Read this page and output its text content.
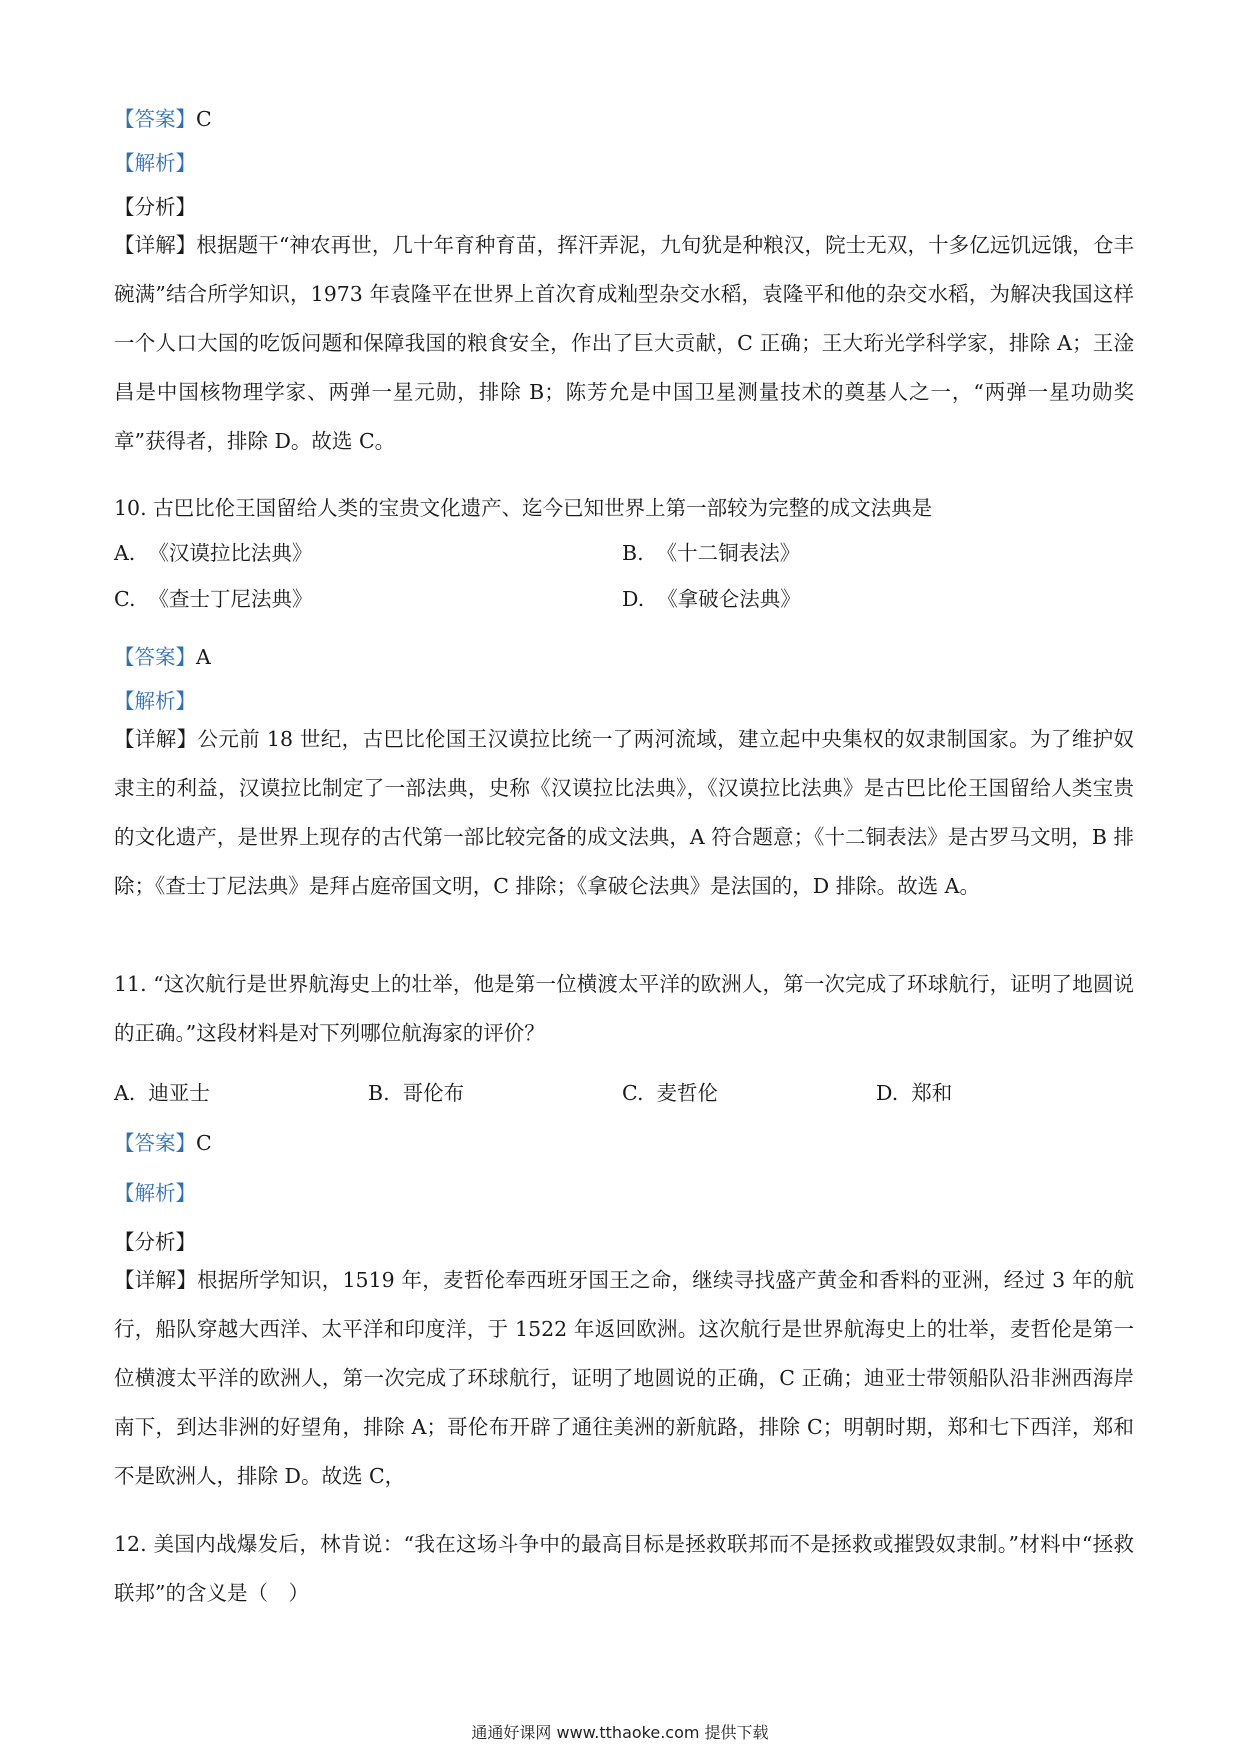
【答案】C
【解析】
【分析】
【详解】根据题干“神农再世，几十年育种育苗，挥汗弄泥，九旬犹是种粮汉，院士无双，十多亿远饥远饿，仓丰碗满”结合所学知识，1973 年袁隆平在世界上首次育成籼型杂交水稻，袁隆平和他的杂交水稻，为解决我国这样一个人口大国的吃饭问题和保障我国的粮食安全，作出了巨大贡献，C 正确；王大珩光学科学家，排除 A；王淦昌是中国核物理学家、两弹一星元勋，排除 B；陈芳允是中国卫星测量技术的奠基人之一，“两弹一星功勋奖章”获得者，排除 D。故选 C。
10. 古巴比伦王国留给人类的宝贵文化遗产、迄今已知世界上第一部较为完整的成文法典是
A. 《汉谟拉比法典》	B. 《十二铜表法》
C. 《查士丁尼法典》	D. 《拿破仑法典》
【答案】A
【解析】
【详解】公元前 18 世纪，古巴比伦国王汉谟拉比统一了两河流域，建立起中央集权的奴隶制国家。为了维护奴隶主的利益，汉谟拉比制定了一部法典，史称《汉谟拉比法典》，《汉谟拉比法典》是古巴比伦王国留给人类宝贵的文化遗产，是世界上现存的古代第一部比较完备的成文法典，A 符合题意；《十二铜表法》是古罗马文明，B 排除；《查士丁尼法典》是拜占庭帝国文明，C 排除；《拿破仑法典》是法国的，D 排除。故选 A。
11. “这次航行是世界航海史上的壮举，他是第一位横渡太平洋的欧洲人，第一次完成了环球航行，证明了地圆说的正确。”这段材料是对下列哪位航海家的评价？
A. 迪亚士	B. 哥伦布	C. 麦哲伦	D. 郑和
【答案】C
【解析】
【分析】
【详解】根据所学知识，1519 年，麦哲伦奉西班牙国王之命，继续寻找盛产黄金和香料的亚洲，经过 3 年的航行，船队穿越大西洋、太平洋和印度洋，于 1522 年返回欧洲。这次航行是世界航海史上的壮举，麦哲伦是第一位横渡太平洋的欧洲人，第一次完成了环球航行，证明了地圆说的正确，C 正确；迪亚士带领船队沿非洲西海岸南下，到达非洲的好望角，排除 A；哥伦布开辟了通往美洲的新航路，排除 C；明朝时期，郑和七下西洋，郑和不是欧洲人，排除 D。故选 C，
12. 美国内战爆发后，林肯说：“我在这场斗争中的最高目标是拯救联邦而不是拯救或摧毁奴隶制。”材料中“拯救联邦”的含义是（　）
通通好课网 www.tthaoke.com 提供下载
